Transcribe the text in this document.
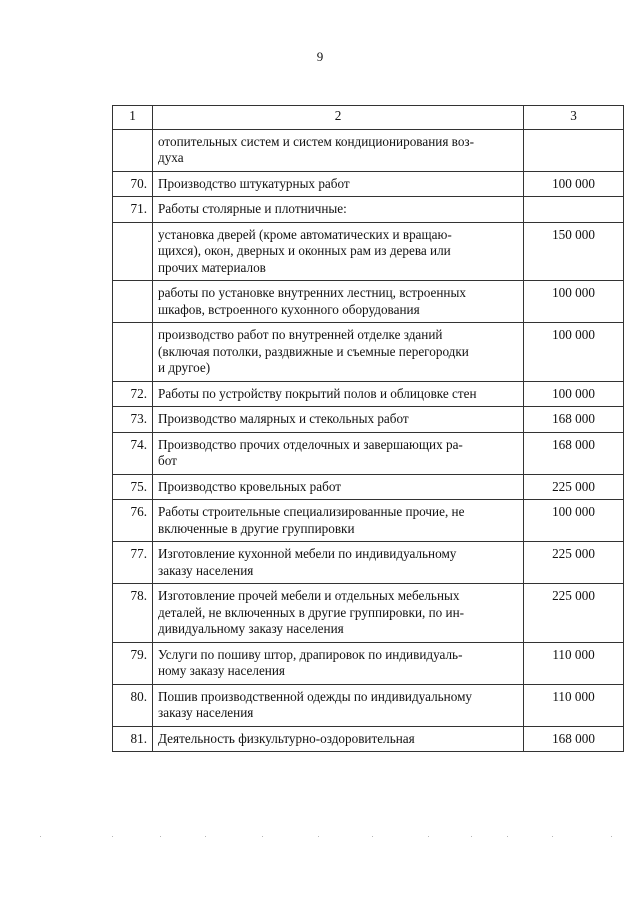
9
1	2	3
	отопительных систем и систем кондиционирования воз-
духа	
70.	Производство штукатурных работ	100 000
71.	Работы столярные и плотничные:	
	установка дверей (кроме автоматических и вращаю-
щихся), окон, дверных и оконных рам из дерева или
прочих материалов	150 000
	работы по установке внутренних лестниц, встроенных
шкафов, встроенного кухонного оборудования	100 000
	производство работ по внутренней отделке зданий
(включая потолки, раздвижные и съемные перегородки
и другое)	100 000
72.	Работы по устройству покрытий полов и облицовке стен	100 000
73.	Производство малярных и стекольных работ	168 000
74.	Производство прочих отделочных и завершающих ра-
бот	168 000
75.	Производство кровельных работ	225 000
76.	Работы строительные специализированные прочие, не
включенные в другие группировки	100 000
77.	Изготовление кухонной мебели по индивидуальному
заказу населения	225 000
78.	Изготовление прочей мебели и отдельных мебельных
деталей, не включенных в другие группировки, по ин-
дивидуальному заказу населения	225 000
79.	Услуги по пошиву штор, драпировок по индивидуаль-
ному заказу населения	110 000
80.	Пошив производственной одежды по индивидуальному
заказу населения	110 000
81.	Деятельность физкультурно-оздоровительная	168 000
